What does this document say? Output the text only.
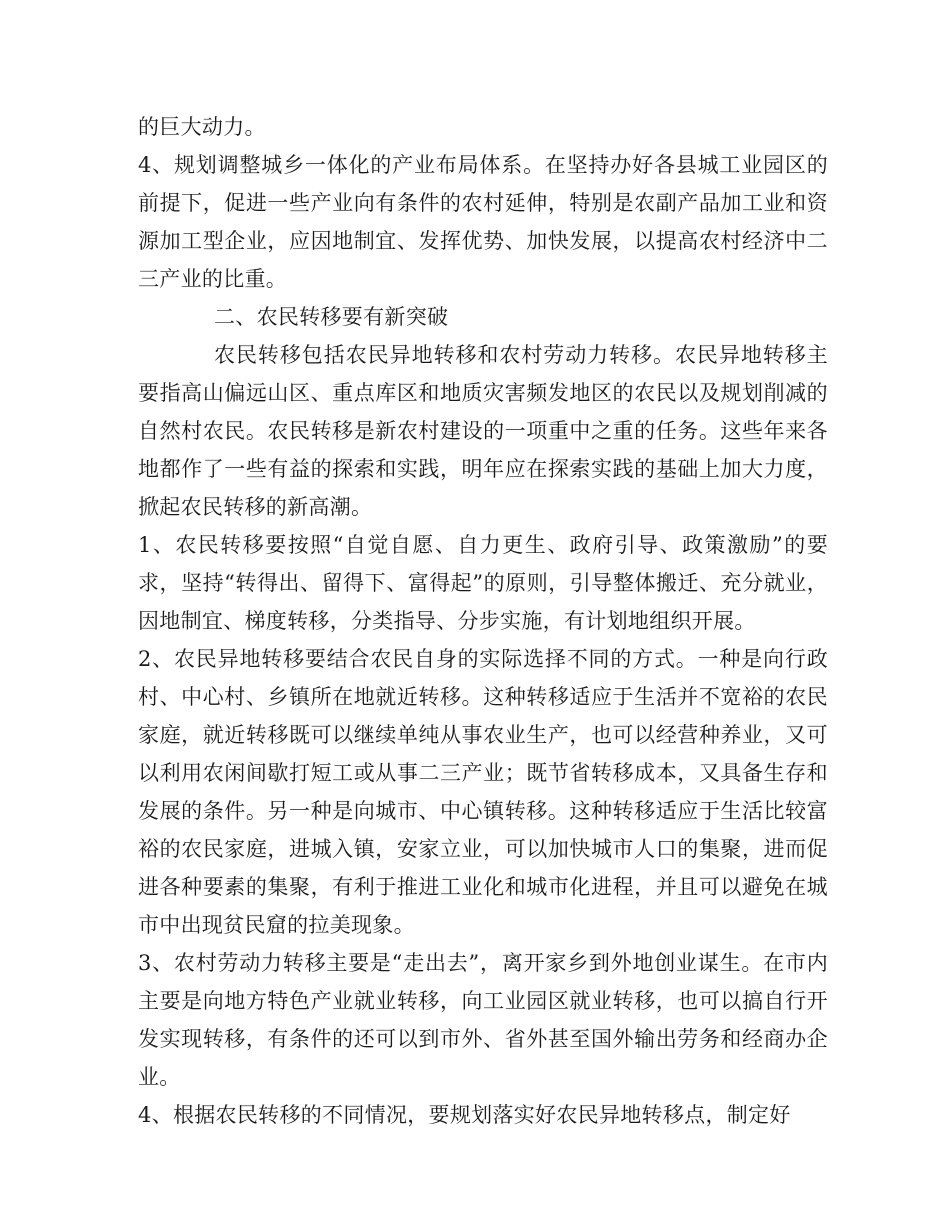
的巨大动力。

4、规划调整城乡一体化的产业布局体系。在坚持办好各县城工业园区的前提下，促进一些产业向有条件的农村延伸，特别是农副产品加工业和资源加工型企业，应因地制宜、发挥优势、加快发展，以提高农村经济中二三产业的比重。

二、农民转移要有新突破

农民转移包括农民异地转移和农村劳动力转移。农民异地转移主要指高山偏远山区、重点库区和地质灾害频发地区的农民以及规划削减的自然村农民。农民转移是新农村建设的一项重中之重的任务。这些年来各地都作了一些有益的探索和实践，明年应在探索实践的基础上加大力度，掀起农民转移的新高潮。

1、农民转移要按照“自觉自愿、自力更生、政府引导、政策激励”的要求，坚持“转得出、留得下、富得起”的原则，引导整体搬迁、充分就业，因地制宜、梯度转移，分类指导、分步实施，有计划地组织开展。

2、农民异地转移要结合农民自身的实际选择不同的方式。一种是向行政村、中心村、乡镇所在地就近转移。这种转移适应于生活并不宽裕的农民家庭，就近转移既可以继续单纯从事农业生产，也可以经营种养业，又可以利用农闲间歇打短工或从事二三产业；既节省转移成本，又具备生存和发展的条件。另一种是向城市、中心镇转移。这种转移适应于生活比较富裕的农民家庭，进城入镇，安家立业，可以加快城市人口的集聚，进而促进各种要素的集聚，有利于推进工业化和城市化进程，并且可以避免在城市中出现贫民窟的拉美现象。

3、农村劳动力转移主要是“走出去”，离开家乡到外地创业谋生。在市内主要是向地方特色产业就业转移，向工业园区就业转移，也可以搞自行开发实现转移，有条件的还可以到市外、省外甚至国外输出劳务和经商办企业。

4、根据农民转移的不同情况，要规划落实好农民异地转移点，制定好
